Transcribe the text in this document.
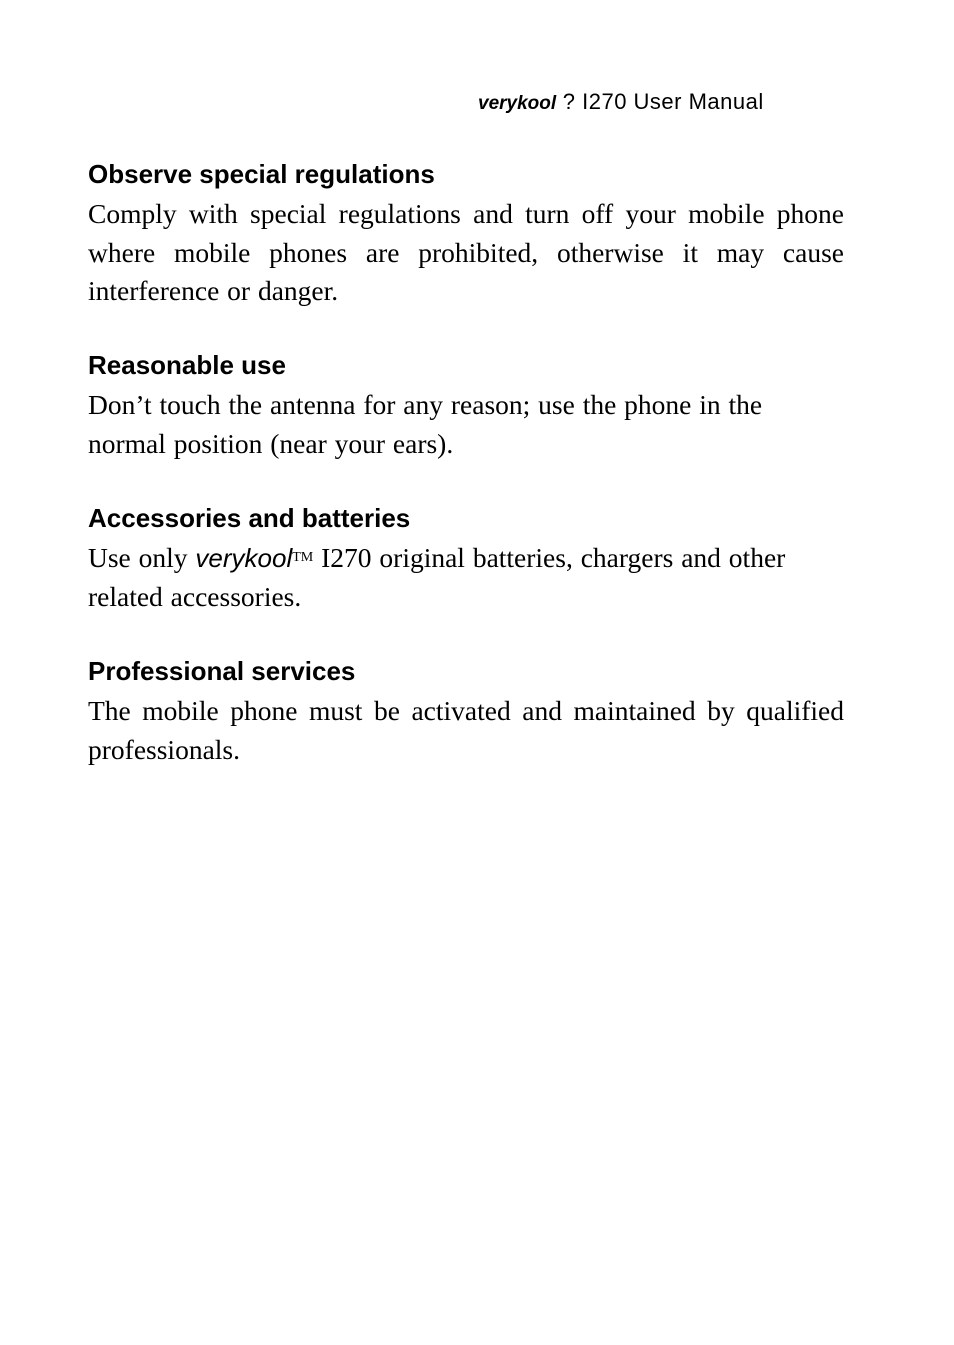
verykool ? I270 User Manual
Observe special regulations

Comply with special regulations and turn off your mobile phone where mobile phones are prohibited, otherwise it may cause interference or danger.

Reasonable use

Don’t touch the antenna for any reason; use the phone in the normal position (near your ears).

Accessories and batteries

Use only verykool™ I270 original batteries, chargers and other related accessories.

Professional services

The mobile phone must be activated and maintained by qualified professionals.
